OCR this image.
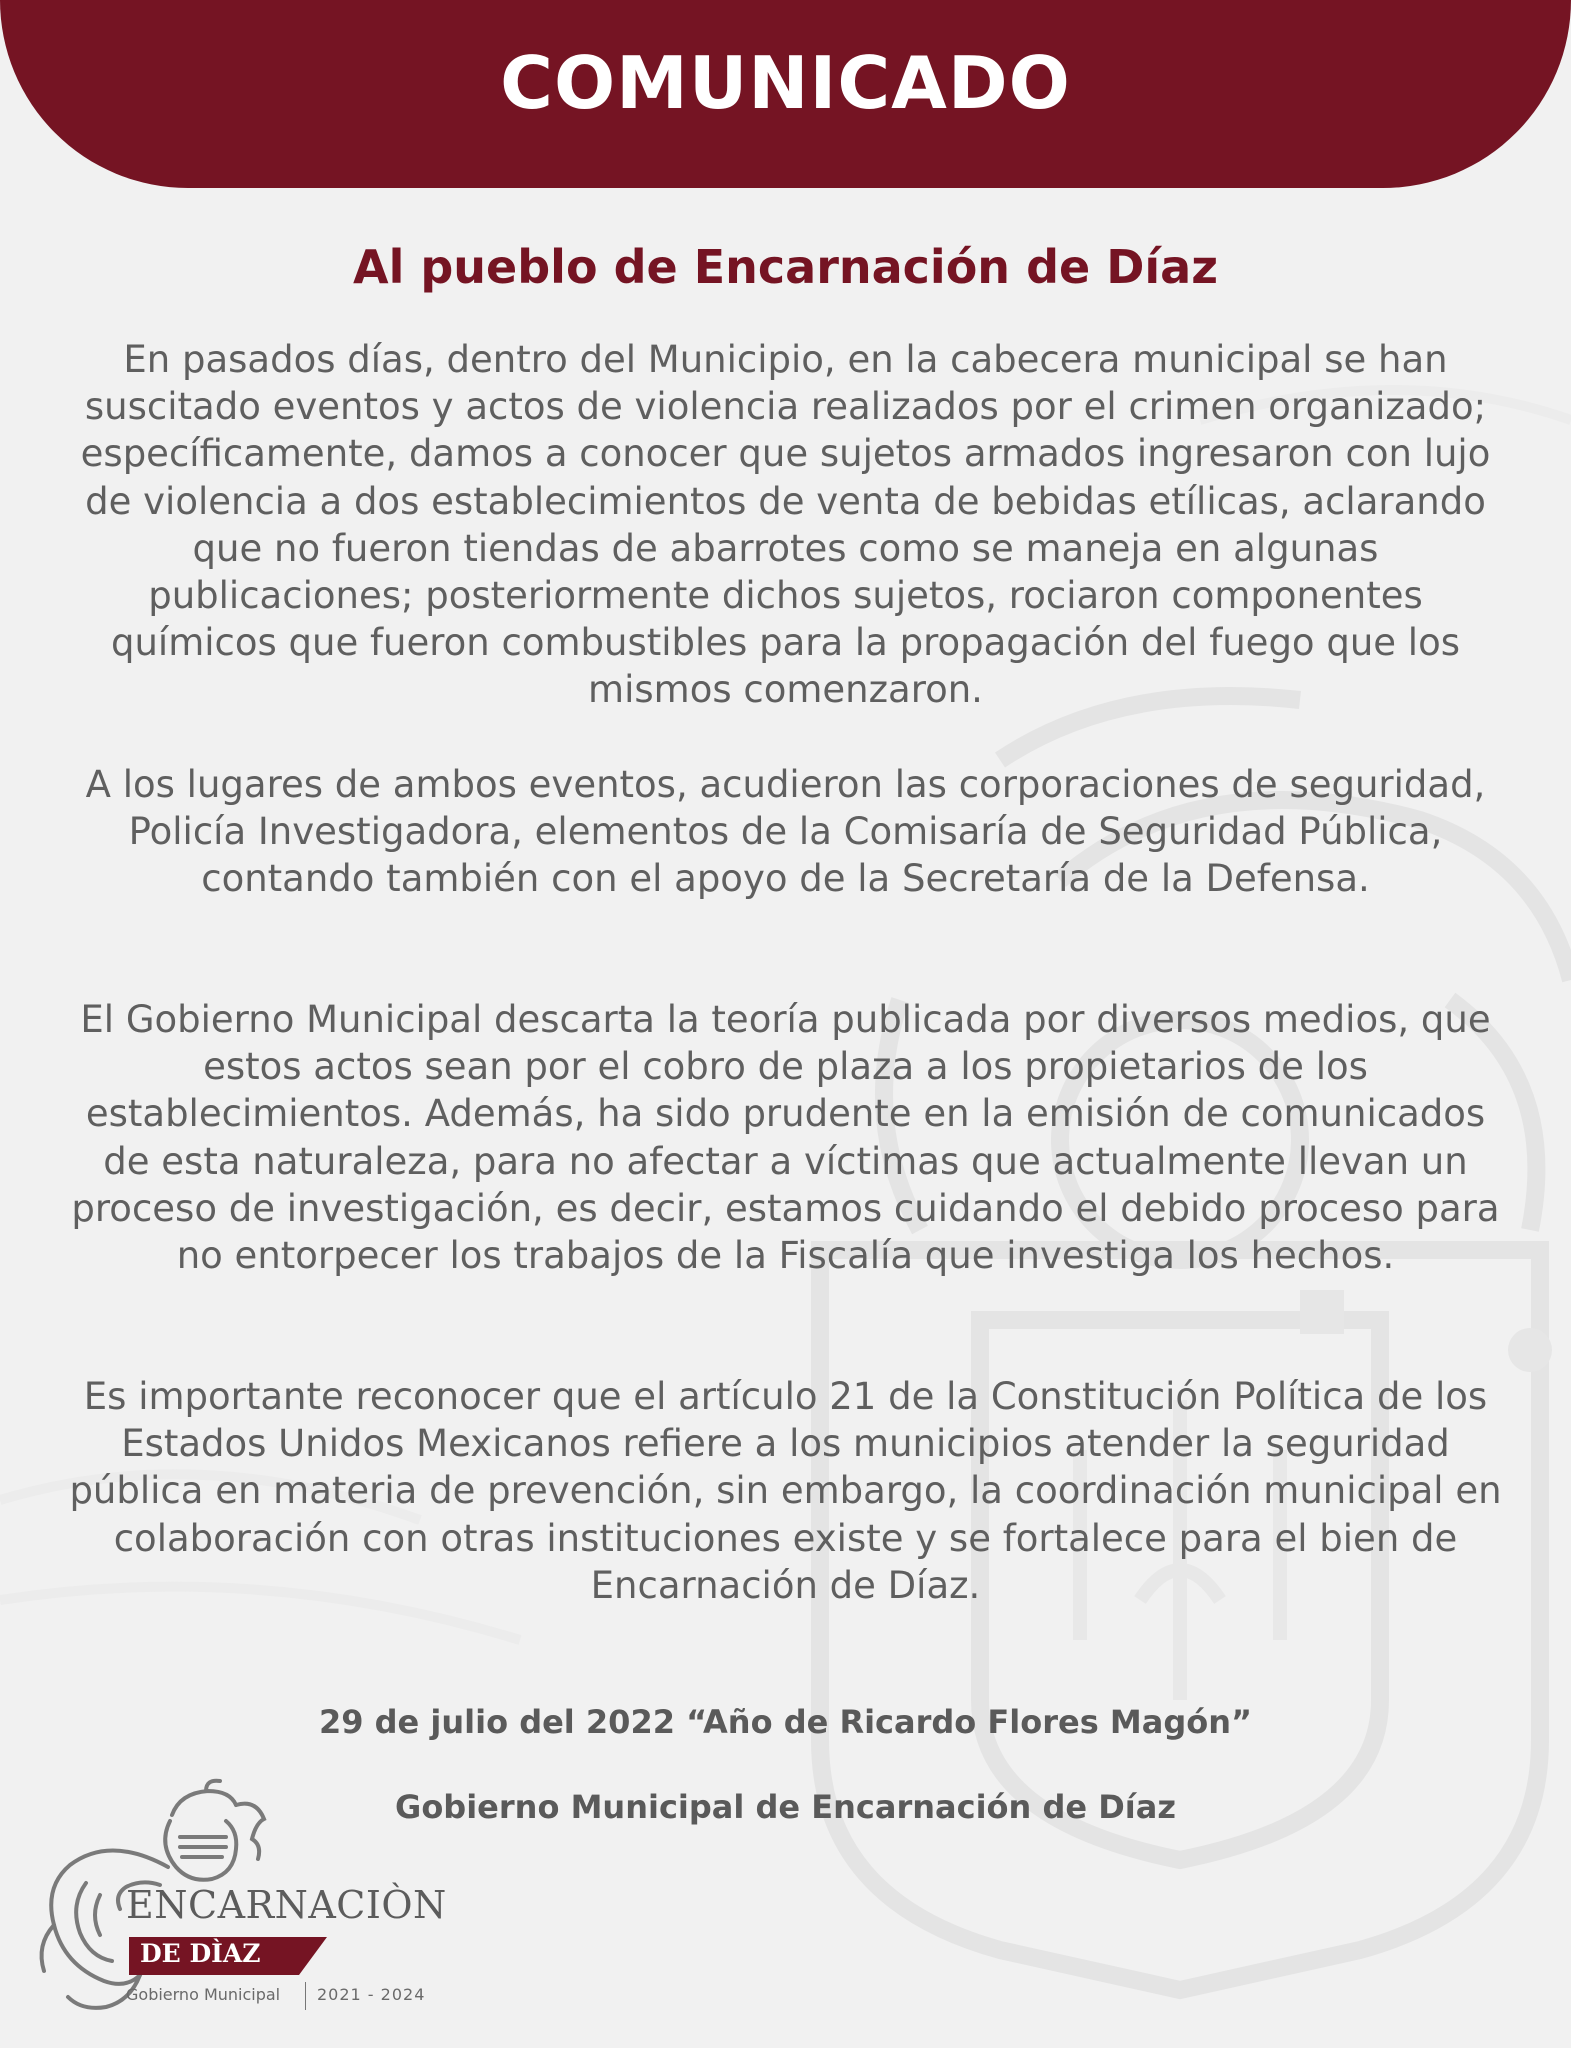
COMUNICADO
Al pueblo de Encarnación de Díaz

En pasados días, dentro del Municipio, en la cabecera municipal se han suscitado eventos y actos de violencia realizados por el crimen organizado; específicamente, damos a conocer que sujetos armados ingresaron con lujo de violencia a dos establecimientos de venta de bebidas etílicas, aclarando que no fueron tiendas de abarrotes como se maneja en algunas publicaciones; posteriormente dichos sujetos, rociaron componentes químicos que fueron combustibles para la propagación del fuego que los mismos comenzaron.

A los lugares de ambos eventos, acudieron las corporaciones de seguridad, Policía Investigadora, elementos de la Comisaría de Seguridad Pública, contando también con el apoyo de la Secretaría de la Defensa.

El Gobierno Municipal descarta la teoría publicada por diversos medios, que estos actos sean por el cobro de plaza a los propietarios de los establecimientos. Además, ha sido prudente en la emisión de comunicados de esta naturaleza, para no afectar a víctimas que actualmente llevan un proceso de investigación, es decir, estamos cuidando el debido proceso para no entorpecer los trabajos de la Fiscalía que investiga los hechos.

Es importante reconocer que el artículo 21 de la Constitución Política de los Estados Unidos Mexicanos refiere a los municipios atender la seguridad pública en materia de prevención, sin embargo, la coordinación municipal en colaboración con otras instituciones existe y se fortalece para el bien de Encarnación de Díaz.

29 de julio del 2022 “Año de Ricardo Flores Magón”
Gobierno Municipal de Encarnación de Díaz
ENCARNACIÒN
DE DÌAZ
Gobierno Municipal 2021 - 2024
